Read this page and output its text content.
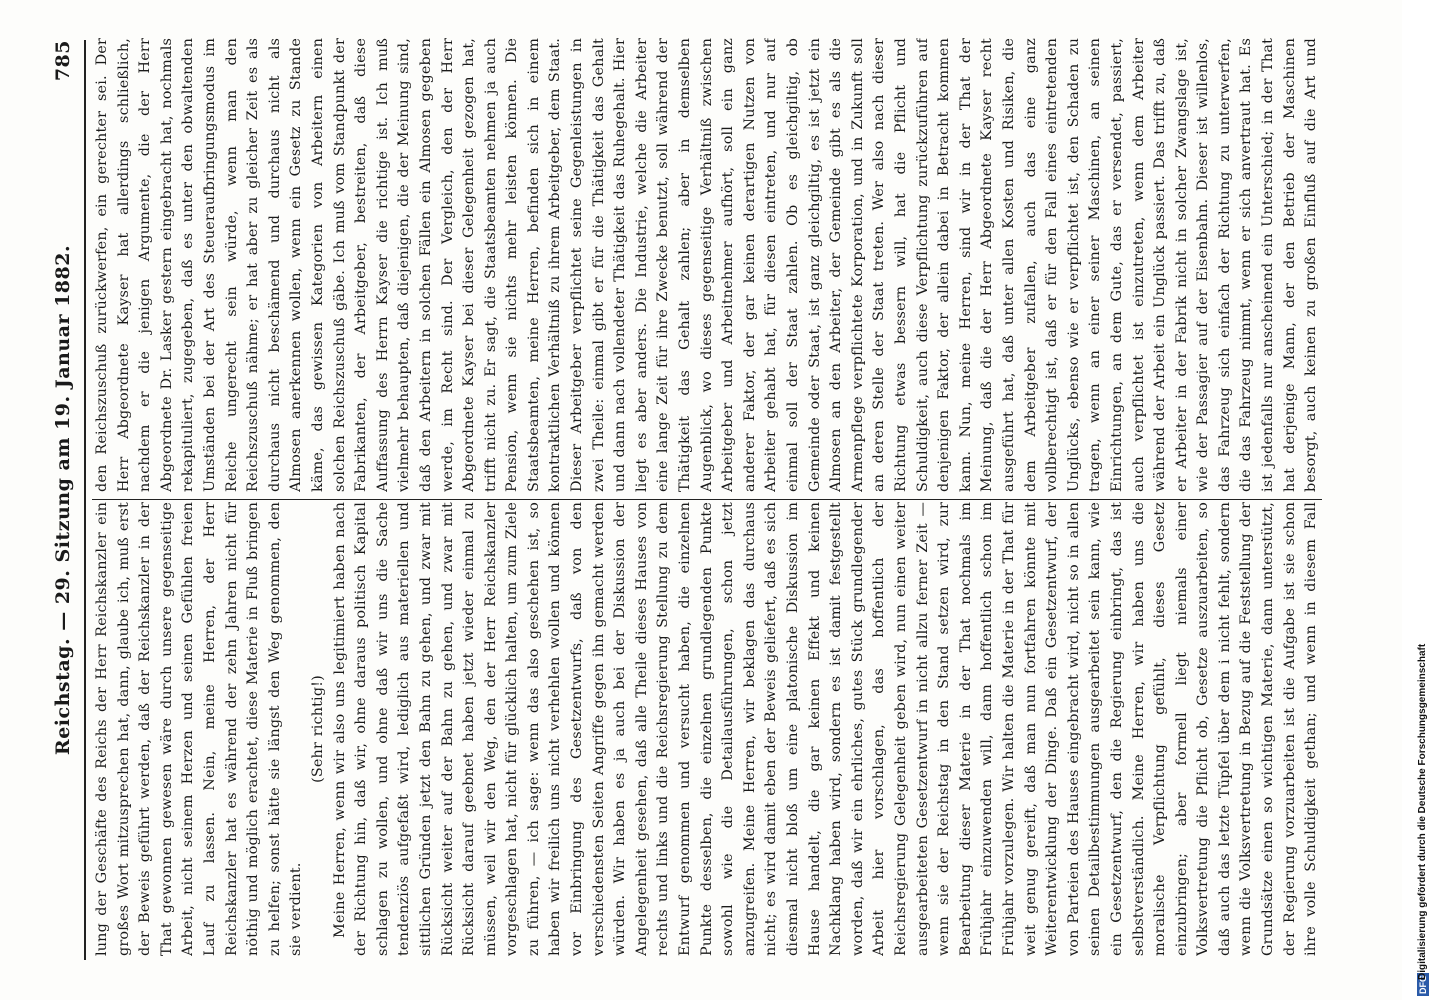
Reichstag. — 29. Sitzung am 19. Januar 1882.
785

lung der Geschäfte des Reichs der Herr Reichskanzler ein großes Wort mitzusprechen hat, dann, glaube ich, muß erst der Beweis geführt werden, daß der Reichskanzler in der That gewonnen gewesen wäre durch unsere gegenseitige Arbeit, nicht seinem Herzen und seinen Gefühlen freien Lauf zu lassen. Nein, meine Herren, der Herr Reichskanzler hat es während der zehn Jahren nicht für nöthig und möglich erachtet, diese Materie in Fluß bringen zu helfen; sonst hätte sie längst den Weg genommen, den sie verdient.

(Sehr richtig!)

Meine Herren, wenn wir also uns legitimiert haben nach der Richtung hin, daß wir, ohne daraus politisch Kapital schlagen zu wollen, und ohne daß wir uns die Sache tendenziös aufgefaßt wird, lediglich aus materiellen und sittlichen Gründen jetzt den Bahn zu gehen, und zwar mit Rücksicht weiter auf der Bahn zu gehen, und zwar mit Rücksicht darauf geebnet haben jetzt wieder einmal zu müssen, weil wir den Weg, den der Herr Reichskanzler vorgeschlagen hat, nicht für glücklich halten, um zum Ziele zu führen, — ich sage: wenn das also geschehen ist, so haben wir freilich uns nicht verhehlen wollen und können vor Einbringung des Gesetzentwurfs, daß von den verschiedensten Seiten Angriffe gegen ihn gemacht werden würden. Wir haben es ja auch bei der Diskussion der Angelegenheit gesehen, daß alle Theile dieses Hauses von rechts und links und die Reichsregierung Stellung zu dem Entwurf genommen und versucht haben, die einzelnen Punkte desselben, die einzelnen grundlegenden Punkte sowohl wie die Detailausführungen, schon jetzt anzugreifen. Meine Herren, wir beklagen das durchaus nicht; es wird damit eben der Beweis geliefert, daß es sich diesmal nicht bloß um eine platonische Diskussion im Hause handelt, die gar keinen Effekt und keinen Nachklang haben wird, sondern es ist damit festgestellt worden, daß wir ein ehrliches, gutes Stück grundlegender Arbeit hier vorschlagen, das hoffentlich der Reichsregierung Gelegenheit geben wird, nun einen weiter ausgearbeiteten Gesetzentwurf in nicht allzu ferner Zeit — wenn sie der Reichstag in den Stand setzen wird, zur Bearbeitung dieser Materie in der That nochmals im Frühjahr einzuwenden will, dann hoffentlich schon im Frühjahr vorzulegen. Wir halten die Materie in der That für weit genug gereift, daß man nun fortfahren könnte mit Weiterentwicklung der Dinge. Daß ein Gesetzentwurf, der von Parteien des Hauses eingebracht wird, nicht so in allen seinen Detailbestimmungen ausgearbeitet sein kann, wie ein Gesetzentwurf, den die Regierung einbringt, das ist selbstverständlich. Meine Herren, wir haben uns die moralische Verpflichtung gefühlt, dieses Gesetz einzubringen; aber formell liegt niemals einer Volksvertretung die Pflicht ob, Gesetze auszuarbeiten, so daß auch das letzte Tüpfel über dem i nicht fehlt, sondern wenn die Volksvertretung in Bezug auf die Feststellung der Grundsätze einen so wichtigen Materie, dann unterstützt, der Regierung vorzuarbeiten ist die Aufgabe ist sie schon ihre volle Schuldigkeit gethan; und wenn in diesem Fall

den Reichszuschuß zurückwerfen, ein gerechter sei. Der Herr Abgeordnete Kayser hat allerdings schließlich, nachdem er die jenigen Argumente, die der Herr Abgeordnete Dr. Lasker gestern eingebracht hat, nochmals rekapituliert, zugegeben, daß es unter den obwaltenden Umständen bei der Art des Steueraufbringungsmodus im Reiche ungerecht sein würde, wenn man den Reichszuschuß nähme; er hat aber zu gleicher Zeit es als durchaus nicht beschämend und durchaus nicht als Almosen anerkennen wollen, wenn ein Gesetz zu Stande käme, das gewissen Kategorien von Arbeitern einen solchen Reichszuschuß gäbe. Ich muß vom Standpunkt der Fabrikanten, der Arbeitgeber, bestreiten, daß diese Auffassung des Herrn Kayser die richtige ist. Ich muß vielmehr behaupten, daß diejenigen, die der Meinung sind, daß den Arbeitern in solchen Fällen ein Almosen gegeben werde, im Recht sind. Der Vergleich, den der Herr Abgeordnete Kayser bei dieser Gelegenheit gezogen hat, trifft nicht zu. Er sagt, die Staatsbeamten nehmen ja auch Pension, wenn sie nichts mehr leisten können. Die Staatsbeamten, meine Herren, befinden sich in einem kontraktlichen Verhältniß zu ihrem Arbeitgeber, dem Staat. Dieser Arbeitgeber verpflichtet seine Gegenleistungen in zwei Theile: einmal gibt er für die Thätigkeit das Gehalt und dann nach vollendeter Thätigkeit das Ruhegehalt. Hier liegt es aber anders. Die Industrie, welche die Arbeiter eine lange Zeit für ihre Zwecke benutzt, soll während der Thätigkeit das Gehalt zahlen; aber in demselben Augenblick, wo dieses gegenseitige Verhältniß zwischen Arbeitgeber und Arbeitnehmer aufhört, soll ein ganz anderer Faktor, der gar keinen derartigen Nutzen von Arbeiter gehabt hat, für diesen eintreten, und nur auf einmal soll der Staat zahlen. Ob es gleichgiltig, ob Gemeinde oder Staat, ist ganz gleichgiltig, es ist jetzt ein Almosen an den Arbeiter, der Gemeinde gibt es als die Armenpflege verpflichtete Korporation, und in Zukunft soll an deren Stelle der Staat treten. Wer also nach dieser Richtung etwas bessern will, hat die Pflicht und Schuldigkeit, auch diese Verpflichtung zurückzuführen auf denjenigen Faktor, der allein dabei in Betracht kommen kann. Nun, meine Herren, sind wir in der That der Meinung, daß die der Herr Abgeordnete Kayser recht ausgeführt hat, daß unter allen Kosten und Risiken, die dem Arbeitgeber zufallen, auch das eine ganz vollberechtigt ist, daß er für den Fall eines eintretenden Unglücks, ebenso wie er verpflichtet ist, den Schaden zu tragen, wenn an einer seiner Maschinen, an seinen Einrichtungen, an dem Gute, das er versendet, passiert, auch verpflichtet ist einzutreten, wenn dem Arbeiter während der Arbeit ein Unglück passiert. Das trifft zu, daß er Arbeiter in der Fabrik nicht in solcher Zwangslage ist, wie der Passagier auf der Eisenbahn. Dieser ist willenlos, das Fahrzeug sich einfach der Richtung zu unterwerfen, die das Fahrzeug nimmt, wenn er sich anvertraut hat. Es ist jedenfalls nur anscheinend ein Unterschied; in der That hat derjenige Mann, der den Betrieb der Maschinen besorgt, auch keinen zu großen Einfluß auf die Art und

DFG
Digitalisierung gefördert durch die Deutsche Forschungsgemeinschaft
